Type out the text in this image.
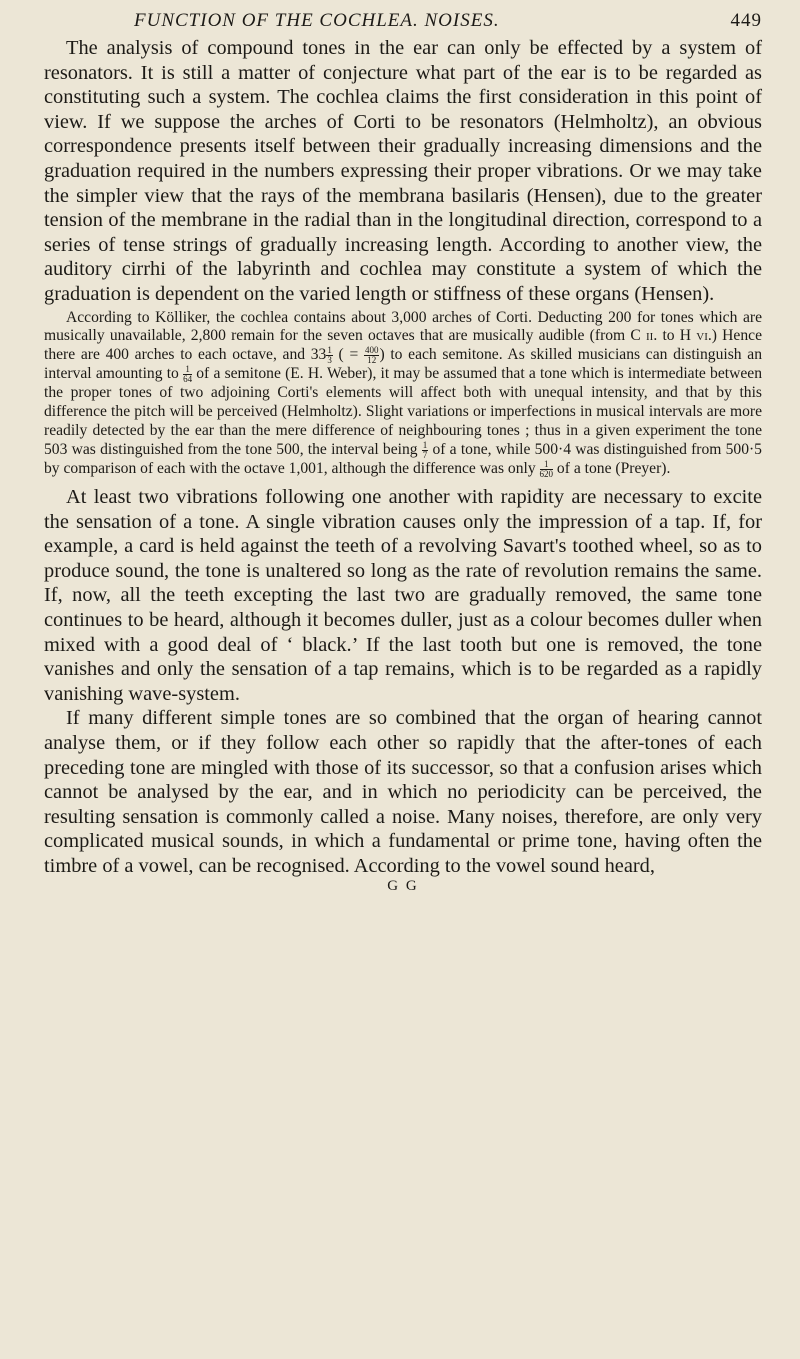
FUNCTION OF THE COCHLEA. NOISES.	449

The analysis of compound tones in the ear can only be effected by a system of resonators. It is still a matter of conjecture what part of the ear is to be regarded as constituting such a system. The cochlea claims the first consideration in this point of view. If we suppose the arches of Corti to be resonators (Helmholtz), an obvious correspondence presents itself between their gradually increasing dimensions and the graduation required in the numbers expressing their proper vibrations. Or we may take the simpler view that the rays of the membrana basilaris (Hensen), due to the greater tension of the membrane in the radial than in the longitudinal direction, correspond to a series of tense strings of gradually increasing length. According to another view, the auditory cirrhi of the labyrinth and cochlea may constitute a system of which the graduation is dependent on the varied length or stiffness of these organs (Hensen).

According to Kölliker, the cochlea contains about 3,000 arches of Corti. Deducting 200 for tones which are musically unavailable, 2,800 remain for the seven octaves that are musically audible (from C ii. to H vi.) Hence there are 400 arches to each octave, and $33 \frac{1}{3}$ ( = $\frac{400}{12}$ ) to each semitone. As skilled musicians can distinguish an interval amounting to $\frac{1}{64}$ of a semitone (E. H. Weber), it may be assumed that a tone which is intermediate between the proper tones of two adjoining Corti's elements will affect both with unequal intensity, and that by this difference the pitch will be perceived (Helmholtz). Slight variations or imperfections in musical intervals are more readily detected by the ear than the mere difference of neighbouring tones ; thus in a given experiment the tone 503 was distinguished from the tone 500, the interval being $\frac{1}{7}$ of a tone, while 500·4 was distinguished from 500·5 by comparison of each with the octave 1,001, although the difference was only $\frac{1}{620}$ of a tone (Preyer).

At least two vibrations following one another with rapidity are necessary to excite the sensation of a tone. A single vibration causes only the impression of a tap. If, for example, a card is held against the teeth of a revolving Savart's toothed wheel, so as to produce sound, the tone is unaltered so long as the rate of revolution remains the same. If, now, all the teeth excepting the last two are gradually removed, the same tone continues to be heard, although it becomes duller, just as a colour becomes duller when mixed with a good deal of ‘ black.’ If the last tooth but one is removed, the tone vanishes and only the sensation of a tap remains, which is to be regarded as a rapidly vanishing wave-system.

If many different simple tones are so combined that the organ of hearing cannot analyse them, or if they follow each other so rapidly that the after-tones of each preceding tone are mingled with those of its successor, so that a confusion arises which cannot be analysed by the ear, and in which no periodicity can be perceived, the resulting sensation is commonly called a noise. Many noises, therefore, are only very complicated musical sounds, in which a fundamental or prime tone, having often the timbre of a vowel, can be recognised. According to the vowel sound heard,

G G
